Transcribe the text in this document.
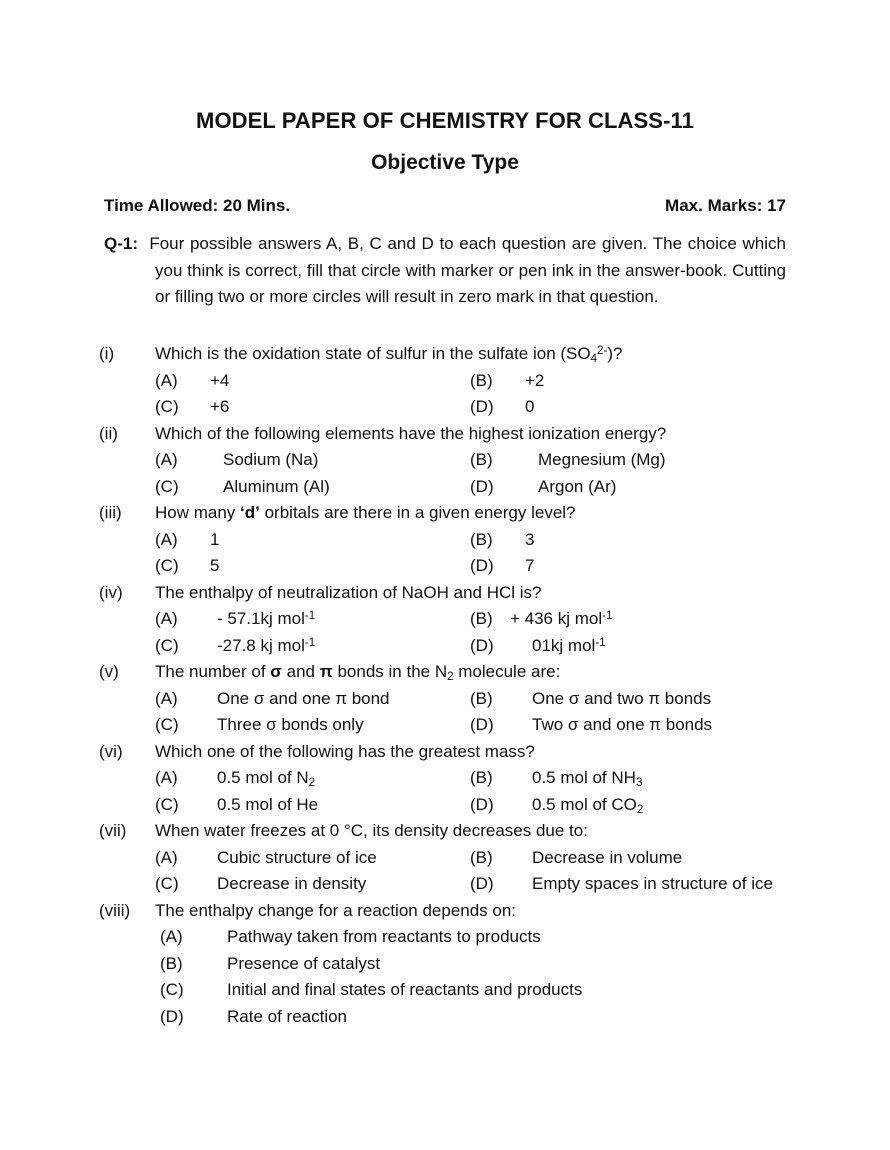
MODEL PAPER OF CHEMISTRY FOR CLASS-11
Objective Type
Time Allowed: 20 Mins.	Max. Marks: 17
Q-1: Four possible answers A, B, C and D to each question are given. The choice which you think is correct, fill that circle with marker or pen ink in the answer-book. Cutting or filling two or more circles will result in zero mark in that question.
(i)	Which is the oxidation state of sulfur in the sulfate ion $(SO_4^{2-})$?
(A) +4	(B) +2
(C) +6	(D) 0
(ii)	Which of the following elements have the highest ionization energy?
(A)	Sodium (Na)	(B)	Megnesium (Mg)
(C)	Aluminum (Al)	(D)	Argon (Ar)
(iii)	How many ‘d’ orbitals are there in a given energy level?
(A) 1	(B) 3
(C) 5	(D) 7
(iv)	The enthalpy of neutralization of NaOH and HCl is?
(A) - 57.1kj mol$^{-1}$	(B) + 436 kj mol$^{-1}$
(C) -27.8 kj mol$^{-1}$	(D) 01kj mol$^{-1}$
(v)	The number of σ and π bonds in the $N_2$ molecule are:
(A) One σ and one π bond	(B) One σ and two π bonds
(C) Three σ bonds only	(D) Two σ and one π bonds
(vi)	Which one of the following has the greatest mass?
(A) 0.5 mol of $N_2$	(B) 0.5 mol of $NH_3$
(C) 0.5 mol of He	(D) 0.5 mol of $CO_2$
(vii)	When water freezes at 0 °C, its density decreases due to:
(A) Cubic structure of ice	(B) Decrease in volume
(C) Decrease in density	(D) Empty spaces in structure of ice
(viii)	The enthalpy change for a reaction depends on:
(A)	Pathway taken from reactants to products
(B)	Presence of catalyst
(C)	Initial and final states of reactants and products
(D)	Rate of reaction
